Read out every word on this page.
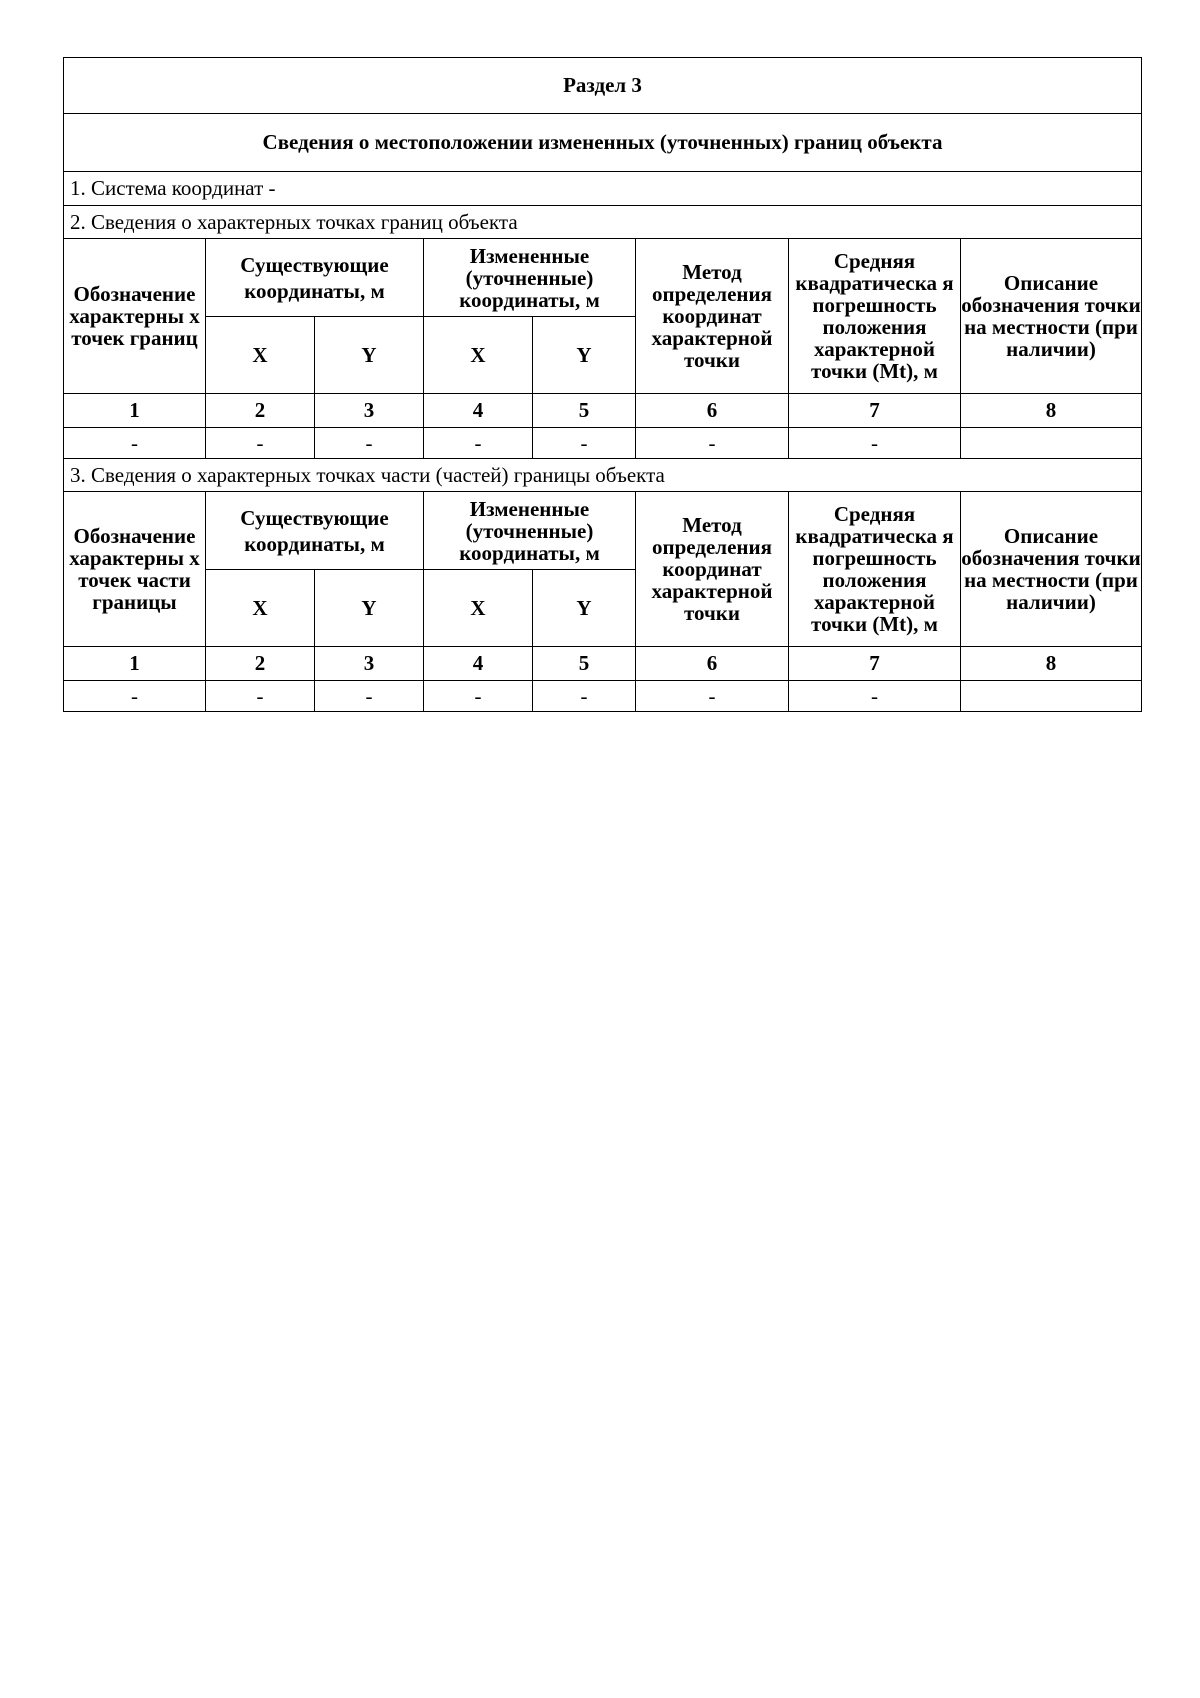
Раздел 3							
Сведения о местоположении измененных (уточненных) границ объекта							
1. Система координат -							
2. Сведения о характерных точках границ объекта							
Обозначение характерны х точек границ	Существующие координаты, м		Измененные (уточненные) координаты, м		Метод определения координат характерной точки	Средняя квадратическа я погрешность положения характерной точки (Mt), м	Описание обозначения точки на местности (при наличии)
	X	Y	X	Y			
1	2	3	4	5	6	7	8
-	-	-	-	-	-	-	
3. Сведения о характерных точках части (частей) границы объекта							
Обозначение характерны х точек части границы	Существующие координаты, м		Измененные (уточненные) координаты, м		Метод определения координат характерной точки	Средняя квадратическа я погрешность положения характерной точки (Mt), м	Описание обозначения точки на местности (при наличии)
	X	Y	X	Y			
1	2	3	4	5	6	7	8
-	-	-	-	-	-	-	
